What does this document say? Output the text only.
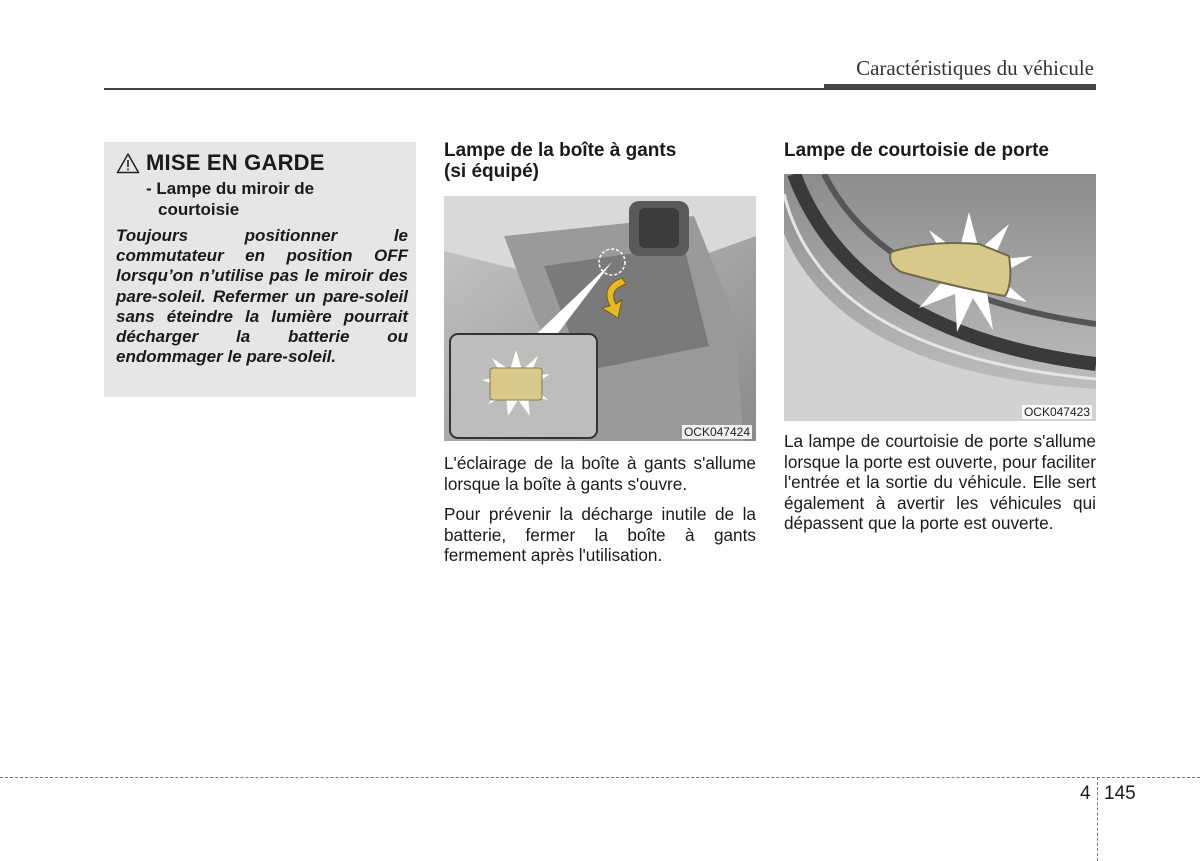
Caractéristiques du véhicule
MISE EN GARDE
- Lampe du miroir de
courtoisie

Toujours positionner le commutateur en position OFF lorsqu’on n’utilise pas le miroir des pare-soleil. Refermer un pare-soleil sans éteindre la lumière pourrait décharger la batterie ou endommager le pare-soleil.

Lampe de la boîte à gants
(si équipé)
OCK047424

L'éclairage de la boîte à gants s'allume lorsque la boîte à gants s'ouvre.

Pour prévenir la décharge inutile de la batterie, fermer la boîte à gants fermement après l'utilisation.

Lampe de courtoisie de porte
OCK047423

La lampe de courtoisie de porte s'allume lorsque la porte est ouverte, pour faciliter l'entrée et la sortie du véhicule. Elle sert également à avertir les véhicules qui dépassent que la porte est ouverte.

4 145
